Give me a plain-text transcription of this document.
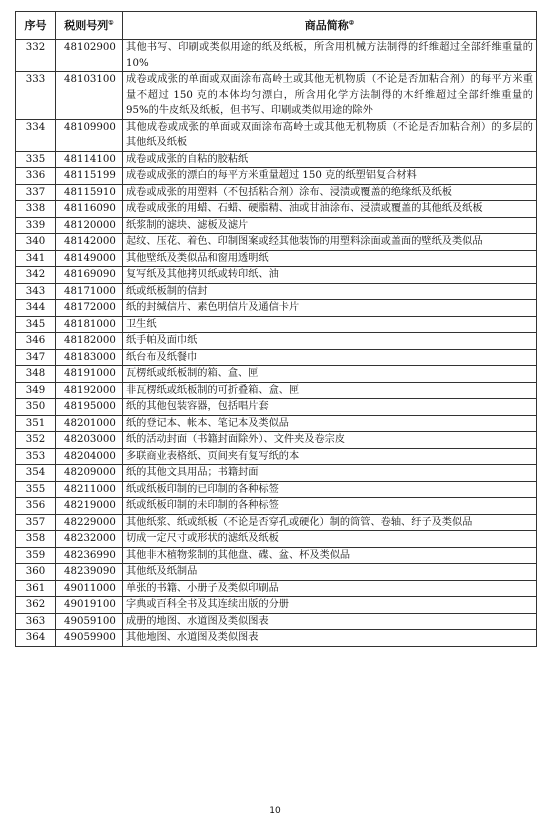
序号	税则号列①	商品简称②
332	48102900	其他书写、印刷或类似用途的纸及纸板，所含用机械方法制得的纤维超过全部纤维重量的 10%
333	48103100	成卷或成张的单面或双面涂布高岭土或其他无机物质（不论是否加粘合剂）的每平方米重量不超过 150 克的本体均匀漂白，所含用化学方法制得的木纤维超过全部纤维重量的 95%的牛皮纸及纸板，但书写、印刷或类似用途的除外
334	48109900	其他成卷或成张的单面或双面涂布高岭土或其他无机物质（不论是否加粘合剂）的多层的其他纸及纸板
335	48114100	成卷或成张的自粘的胶粘纸
336	48115199	成卷或成张的漂白的每平方米重量超过 150 克的纸塑铝复合材料
337	48115910	成卷或成张的用塑料（不包括粘合剂）涂布、浸渍或覆盖的绝缘纸及纸板
338	48116090	成卷或成张的用蜡、石蜡、硬脂精、油或甘油涂布、浸渍或覆盖的其他纸及纸板
339	48120000	纸浆制的滤块、滤板及滤片
340	48142000	起纹、压花、着色、印制图案或经其他装饰的用塑料涂面或盖面的壁纸及类似品
341	48149000	其他壁纸及类似品和窗用透明纸
342	48169090	复写纸及其他拷贝纸或转印纸、油
343	48171000	纸或纸板制的信封
344	48172000	纸的封缄信片、素色明信片及通信卡片
345	48181000	卫生纸
346	48182000	纸手帕及面巾纸
347	48183000	纸台布及纸餐巾
348	48191000	瓦楞纸或纸板制的箱、盒、匣
349	48192000	非瓦楞纸或纸板制的可折叠箱、盒、匣
350	48195000	纸的其他包装容器，包括唱片套
351	48201000	纸的登记本、帐本、笔记本及类似品
352	48203000	纸的活动封面（书籍封面除外）、文件夹及卷宗皮
353	48204000	多联商业表格纸、页间夹有复写纸的本
354	48209000	纸的其他文具用品；书籍封面
355	48211000	纸或纸板印制的已印制的各种标签
356	48219000	纸或纸板印制的未印制的各种标签
357	48229000	其他纸浆、纸或纸板（不论是否穿孔或硬化）制的筒管、卷轴、纡子及类似品
358	48232000	切成一定尺寸或形状的滤纸及纸板
359	48236990	其他非木植物浆制的其他盘、碟、盆、杯及类似品
360	48239090	其他纸及纸制品
361	49011000	单张的书籍、小册子及类似印刷品
362	49019100	字典或百科全书及其连续出版的分册
363	49059100	成册的地图、水道图及类似图表
364	49059900	其他地图、水道图及类似图表
10
